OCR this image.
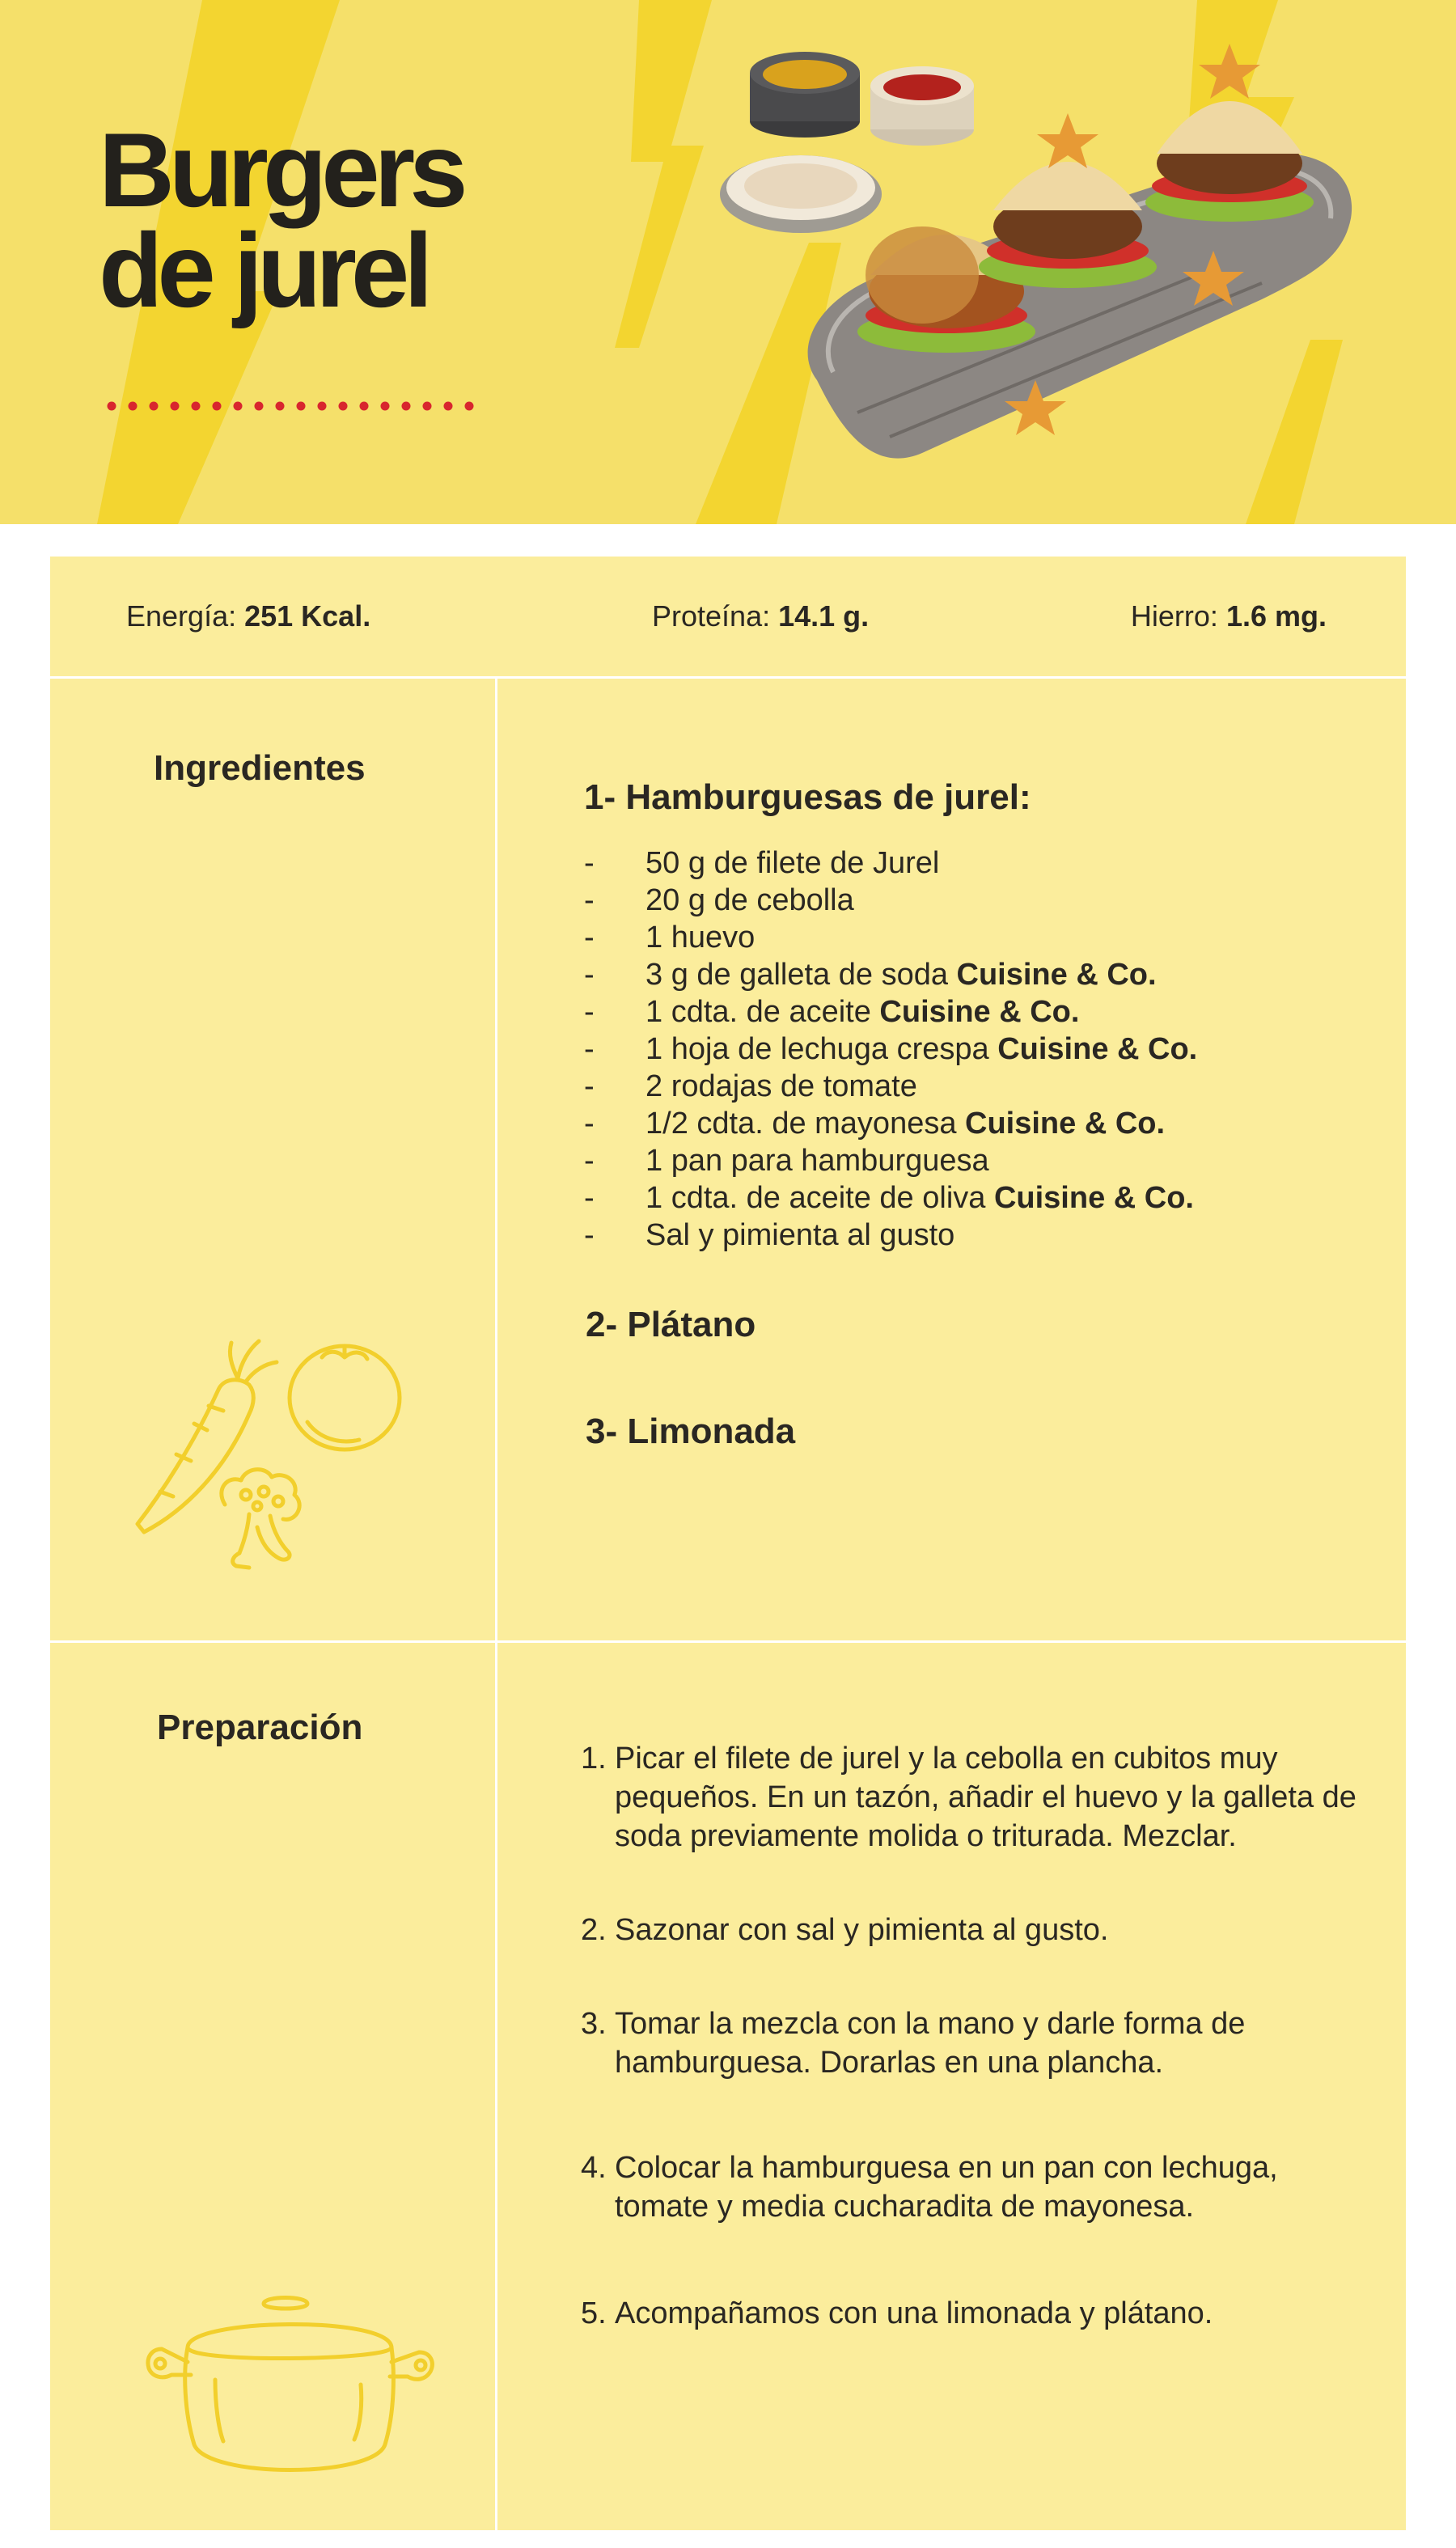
Burgers
de jurel
Energía: 251 Kcal.	Proteína: 14.1 g.	Hierro: 1.6 mg.
Ingredientes
1- Hamburguesas de jurel:
- 50 g de filete de Jurel
- 20 g de cebolla
- 1 huevo
- 3 g de galleta de soda Cuisine & Co.
- 1 cdta. de aceite Cuisine & Co.
- 1 hoja de lechuga crespa Cuisine & Co.
- 2 rodajas de tomate
- 1/2 cdta. de mayonesa Cuisine & Co.
- 1 pan para hamburguesa
- 1 cdta. de aceite de oliva Cuisine & Co.
- Sal y pimienta al gusto
2- Plátano
3- Limonada
Preparación
1. Picar el filete de jurel y la cebolla en cubitos muy pequeños. En un tazón, añadir el huevo y la galleta de soda previamente molida o triturada. Mezclar.
2. Sazonar con sal y pimienta al gusto.
3. Tomar la mezcla con la mano y darle forma de hamburguesa. Dorarlas en una plancha.
4. Colocar la hamburguesa en un pan con lechuga, tomate y media cucharadita de mayonesa.
5. Acompañamos con una limonada y plátano.
